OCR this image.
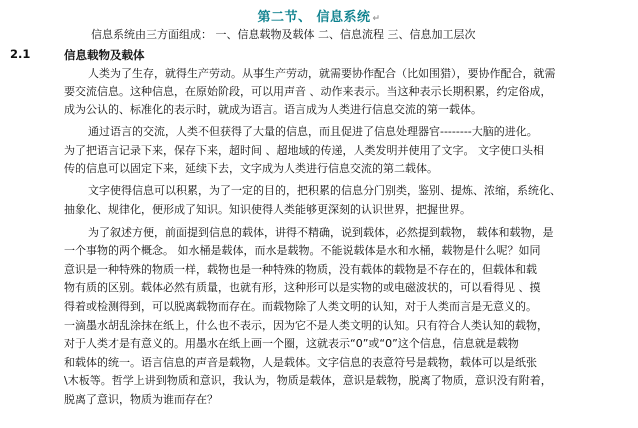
第二节、 信息系统 ↵
信息系统由三方面组成： 一、信息载物及载体 二、信息流程 三、信息加工层次
2.1	信息载物及载体
人类为了生存，就得生产劳动。从事生产劳动，就需要协作配合（比如围猎），要协作配合，就需
要交流信息。这种信息，在原始阶段，可以用声音 、动作来表示。当这种表示长期积累，约定俗成，
成为公认的、标准化的表示时，就成为语言。语言成为人类进行信息交流的第一载体。
通过语言的交流，人类不但获得了大量的信息，而且促进了信息处理器官--------大脑的进化。
为了把语言记录下来，保存下来，超时间 、超地域的传递，人类发明并使用了文字。 文字使口头相
传的信息可以固定下来，延续下去，文字成为人类进行信息交流的第二载体。
文字使得信息可以积累，为了一定的目的，把积累的信息分门别类，鉴别、提炼、浓缩，系统化、
抽象化、规律化，便形成了知识。知识使得人类能够更深刻的认识世界，把握世界。
为了叙述方便，前面提到信息的载体，讲得不精确，说到载体，必然提到载物， 载体和载物，是
一个事物的两个概念。 如水桶是载体，而水是载物。不能说载体是水和水桶，载物是什么呢？如同
意识是一种特殊的物质一样，载物也是一种特殊的物质，没有载体的载物是不存在的，但载体和载
物有质的区别。载体必然有质量，也就有形，这种形可以是实物的或电磁波状的，可以看得见 、摸
得着或检测得到，可以脱离载物而存在。而载物除了人类文明的认知，对于人类而言是无意义的。
一滴墨水胡乱涂抹在纸上，什么也不表示，因为它不是人类文明的认知。只有符合人类认知的载物，
对于人类才是有意义的。用墨水在纸上画一个圈，这就表示“0”或“0”这个信息，信息就是载物
和载体的统一。语言信息的声音是载物，人是载体。文字信息的表意符号是载物，载体可以是纸张
\木板等。哲学上讲到物质和意识，我认为，物质是载体，意识是载物，脱离了物质，意识没有附着，
脱离了意识，物质为谁而存在？
